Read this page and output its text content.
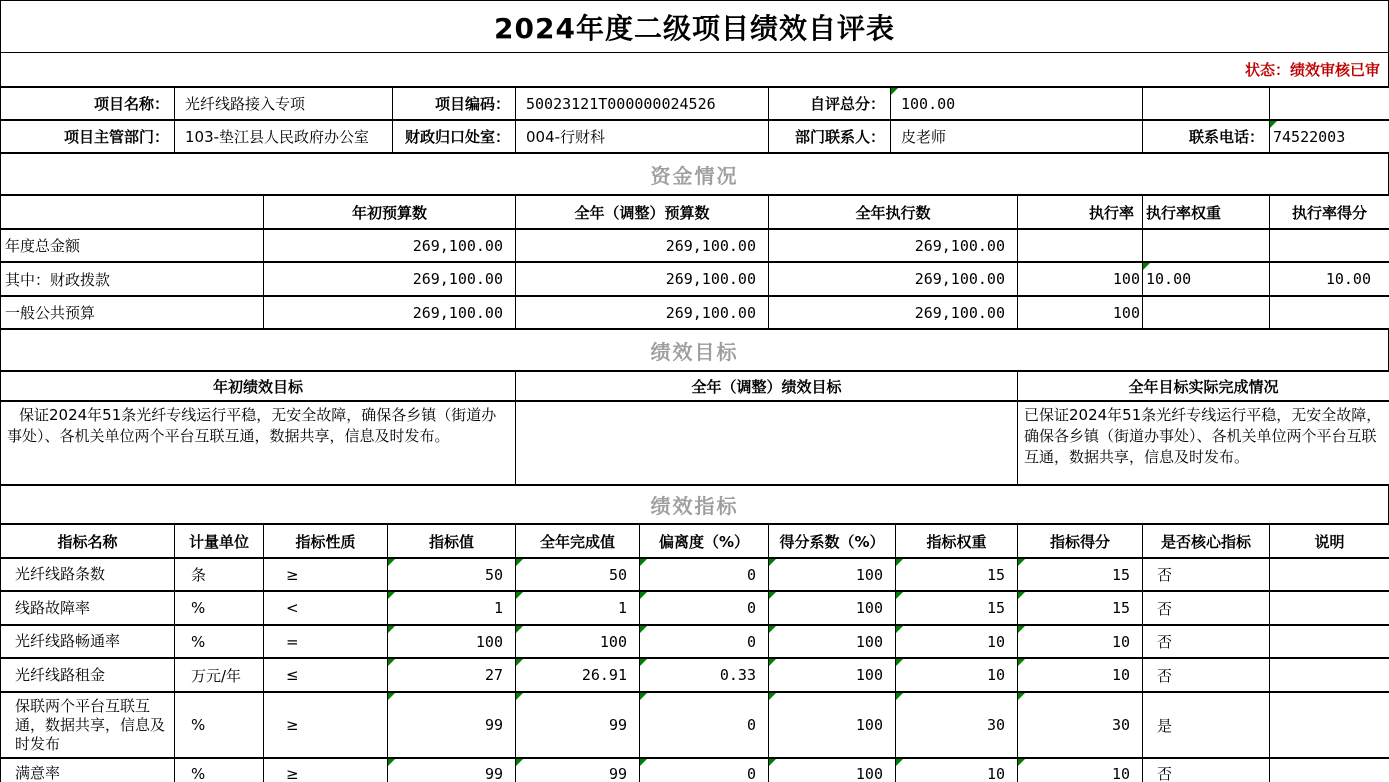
2024年度二级项目绩效自评表
状态：绩效审核已审
项目名称：	光纤线路接入专项	项目编码：	50023121T000000024526	自评总分：	100.00		
项目主管部门：	103-垫江县人民政府办公室	财政归口处室：	004-行财科	部门联系人：	皮老师	联系电话：	74522003
资金情况
	年初预算数	全年（调整）预算数	全年执行数	执行率	执行率权重	执行率得分
年度总金额	269,100.00	269,100.00	269,100.00			
其中：财政拨款	269,100.00	269,100.00	269,100.00	100	10.00	10.00
一般公共预算	269,100.00	269,100.00	269,100.00	100		
绩效目标
年初绩效目标	全年（调整）绩效目标	全年目标实际完成情况
保证2024年51条光纤专线运行平稳，无安全故障，确保各乡镇（街道办事处）、各机关单位两个平台互联互通，数据共享，信息及时发布。		已保证2024年51条光纤专线运行平稳，无安全故障，确保各乡镇（街道办事处）、各机关单位两个平台互联互通，数据共享，信息及时发布。
绩效指标
指标名称	计量单位	指标性质	指标值	全年完成值	偏离度（%）	得分系数（%）	指标权重	指标得分	是否核心指标	说明
光纤线路条数	条	≥	50	50	0	100	15	15	否	
线路故障率	%	<	1	1	0	100	15	15	否	
光纤线路畅通率	%	=	100	100	0	100	10	10	否	
光纤线路租金	万元/年	≤	27	26.91	0.33	100	10	10	否	
保联两个平台互联互通，数据共享，信息及时发布	%	≥	99	99	0	100	30	30	是	
满意率	%	≥	99	99	0	100	10	10	否	
